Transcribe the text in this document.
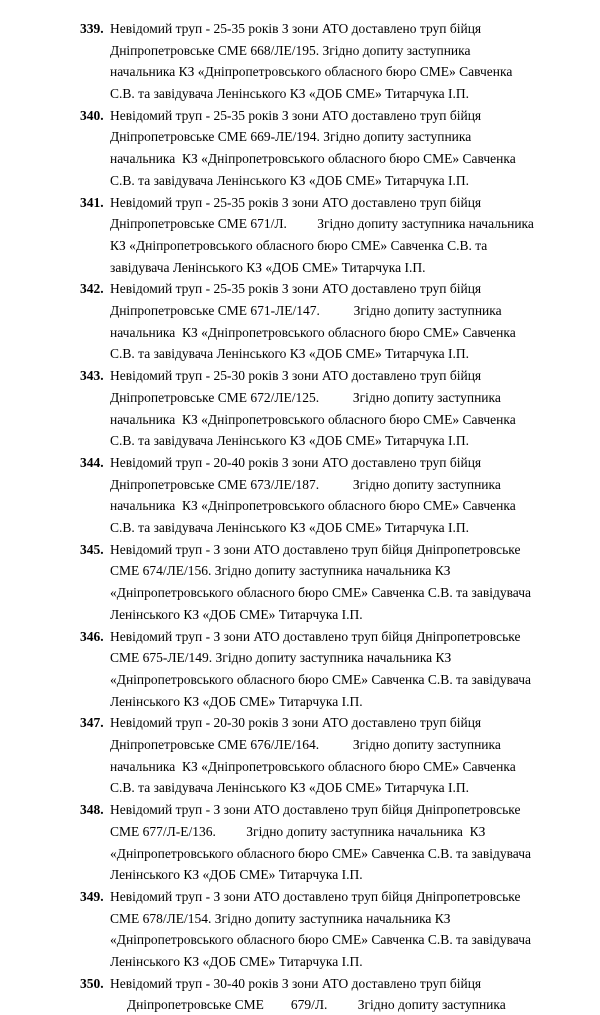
339. Невідомий труп - 25-35 років З зони АТО доставлено труп бійця
Дніпропетровське СМЕ 668/ЛЕ/195. Згідно допиту заступника
начальника КЗ «Дніпропетровського обласного бюро СМЕ» Савченка
С.В. та завідувача Ленінського КЗ «ДОБ СМЕ» Титарчука І.П.
340. Невідомий труп - 25-35 років З зони АТО доставлено труп бійця
Дніпропетровське СМЕ 669-ЛЕ/194. Згідно допиту заступника
начальника  КЗ «Дніпропетровського обласного бюро СМЕ» Савченка
С.В. та завідувача Ленінського КЗ «ДОБ СМЕ» Титарчука І.П.
341. Невідомий труп - 25-35 років З зони АТО доставлено труп бійця
Дніпропетровське СМЕ 671/Л.         Згідно допиту заступника начальника
КЗ «Дніпропетровського обласного бюро СМЕ» Савченка С.В. та
завідувача Ленінського КЗ «ДОБ СМЕ» Титарчука І.П.
342. Невідомий труп - 25-35 років З зони АТО доставлено труп бійця
Дніпропетровське СМЕ 671-ЛЕ/147.          Згідно допиту заступника
начальника  КЗ «Дніпропетровського обласного бюро СМЕ» Савченка
С.В. та завідувача Ленінського КЗ «ДОБ СМЕ» Титарчука І.П.
343. Невідомий труп - 25-30 років З зони АТО доставлено труп бійця
Дніпропетровське СМЕ 672/ЛЕ/125.          Згідно допиту заступника
начальника  КЗ «Дніпропетровського обласного бюро СМЕ» Савченка
С.В. та завідувача Ленінського КЗ «ДОБ СМЕ» Титарчука І.П.
344. Невідомий труп - 20-40 років З зони АТО доставлено труп бійця
Дніпропетровське СМЕ 673/ЛЕ/187.          Згідно допиту заступника
начальника  КЗ «Дніпропетровського обласного бюро СМЕ» Савченка
С.В. та завідувача Ленінського КЗ «ДОБ СМЕ» Титарчука І.П.
345. Невідомий труп - З зони АТО доставлено труп бійця Дніпропетровське
СМЕ 674/ЛЕ/156. Згідно допиту заступника начальника КЗ
«Дніпропетровського обласного бюро СМЕ» Савченка С.В. та завідувача
Ленінського КЗ «ДОБ СМЕ» Титарчука І.П.
346. Невідомий труп - З зони АТО доставлено труп бійця Дніпропетровське
СМЕ 675-ЛЕ/149. Згідно допиту заступника начальника КЗ
«Дніпропетровського обласного бюро СМЕ» Савченка С.В. та завідувача
Ленінського КЗ «ДОБ СМЕ» Титарчука І.П.
347. Невідомий труп - 20-30 років З зони АТО доставлено труп бійця
Дніпропетровське СМЕ 676/ЛЕ/164.          Згідно допиту заступника
начальника  КЗ «Дніпропетровського обласного бюро СМЕ» Савченка
С.В. та завідувача Ленінського КЗ «ДОБ СМЕ» Титарчука І.П.
348. Невідомий труп - З зони АТО доставлено труп бійця Дніпропетровське
СМЕ 677/Л-Е/136.         Згідно допиту заступника начальника  КЗ
«Дніпропетровського обласного бюро СМЕ» Савченка С.В. та завідувача
Ленінського КЗ «ДОБ СМЕ» Титарчука І.П.
349. Невідомий труп - З зони АТО доставлено труп бійця Дніпропетровське
СМЕ 678/ЛЕ/154. Згідно допиту заступника начальника КЗ
«Дніпропетровського обласного бюро СМЕ» Савченка С.В. та завідувача
Ленінського КЗ «ДОБ СМЕ» Титарчука І.П.
350. Невідомий труп - 30-40 років З зони АТО доставлено труп бійця
Дніпропетровське СМЕ        679/Л.         Згідно допиту заступника
